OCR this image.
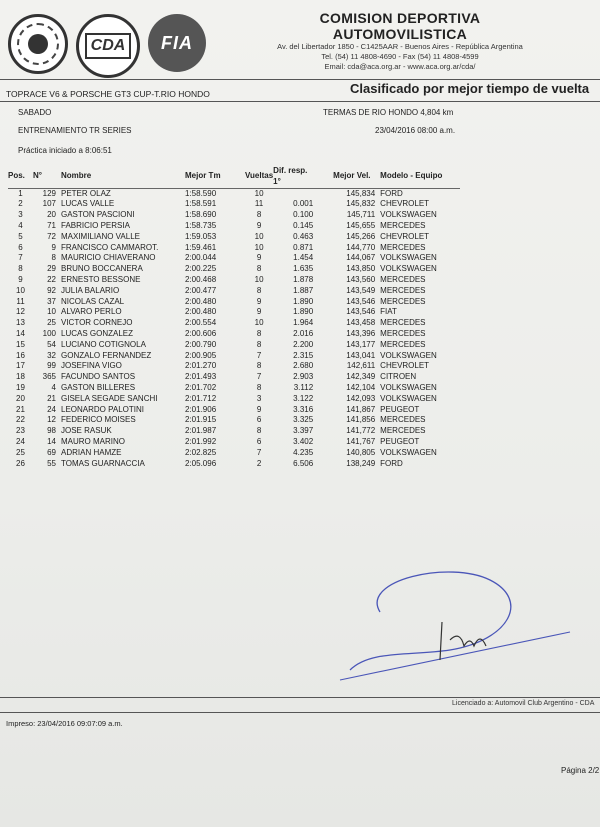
CDA	FIA
COMISION DEPORTIVA AUTOMOVILISTICA
Av. del Libertador 1850 - C1425AAR - Buenos Aires - República Argentina
Tel. (54) 11 4808-4690 - Fax (54) 11 4808-4599
Email: cda@aca.org.ar - www.aca.org.ar/cda/
TOPRACE V6 & PORSCHE GT3 CUP-T.RIO HONDO	Clasificado por mejor tiempo de vuelta
SABADO	TERMAS DE RIO HONDO 4,804 km
ENTRENAMIENTO TR SERIES	23/04/2016 08:00 a.m.
Práctica iniciado a 8:06:51
Pos.	N°	Nombre	Mejor Tm	Vueltas	Dif. resp. 1°	Mejor Vel.	Modelo - Equipo
1	129	PETER OLAZ	1:58.590	10		145,834	FORD
2	107	LUCAS VALLE	1:58.591	11	0.001	145,832	CHEVROLET
3	20	GASTON PASCIONI	1:58.690	8	0.100	145,711	VOLKSWAGEN
4	71	FABRICIO PERSIA	1:58.735	9	0.145	145,655	MERCEDES
5	72	MAXIMILIANO VALLE	1:59.053	10	0.463	145,266	CHEVROLET
6	9	FRANCISCO CAMMAROT.	1:59.461	10	0.871	144,770	MERCEDES
7	8	MAURICIO CHIAVERANO	2:00.044	9	1.454	144,067	VOLKSWAGEN
8	29	BRUNO BOCCANERA	2:00.225	8	1.635	143,850	VOLKSWAGEN
9	22	ERNESTO BESSONE	2:00.468	10	1.878	143,560	MERCEDES
10	92	JULIA BALARIO	2:00.477	8	1.887	143,549	MERCEDES
11	37	NICOLAS CAZAL	2:00.480	9	1.890	143,546	MERCEDES
12	10	ALVARO PERLO	2:00.480	9	1.890	143,546	FIAT
13	25	VICTOR CORNEJO	2:00.554	10	1.964	143,458	MERCEDES
14	100	LUCAS GONZALEZ	2:00.606	8	2.016	143,396	MERCEDES
15	54	LUCIANO COTIGNOLA	2:00.790	8	2.200	143,177	MERCEDES
16	32	GONZALO FERNANDEZ	2:00.905	7	2.315	143,041	VOLKSWAGEN
17	99	JOSEFINA VIGO	2:01.270	8	2.680	142,611	CHEVROLET
18	365	FACUNDO SANTOS	2:01.493	7	2.903	142,349	CITROEN
19	4	GASTON BILLERES	2:01.702	8	3.112	142,104	VOLKSWAGEN
20	21	GISELA SEGADE SANCHI	2:01.712	3	3.122	142,093	VOLKSWAGEN
21	24	LEONARDO PALOTINI	2:01.906	9	3.316	141,867	PEUGEOT
22	12	FEDERICO MOISES	2:01.915	6	3.325	141,856	MERCEDES
23	98	JOSE RASUK	2:01.987	8	3.397	141,772	MERCEDES
24	14	MAURO MARINO	2:01.992	6	3.402	141,767	PEUGEOT
25	69	ADRIAN HAMZE	2:02.825	7	4.235	140,805	VOLKSWAGEN
26	55	TOMAS GUARNACCIA	2:05.096	2	6.506	138,249	FORD
Licenciado a: Automovil Club Argentino - CDA
Impreso: 23/04/2016 09:07:09 a.m.
Página 2/2
